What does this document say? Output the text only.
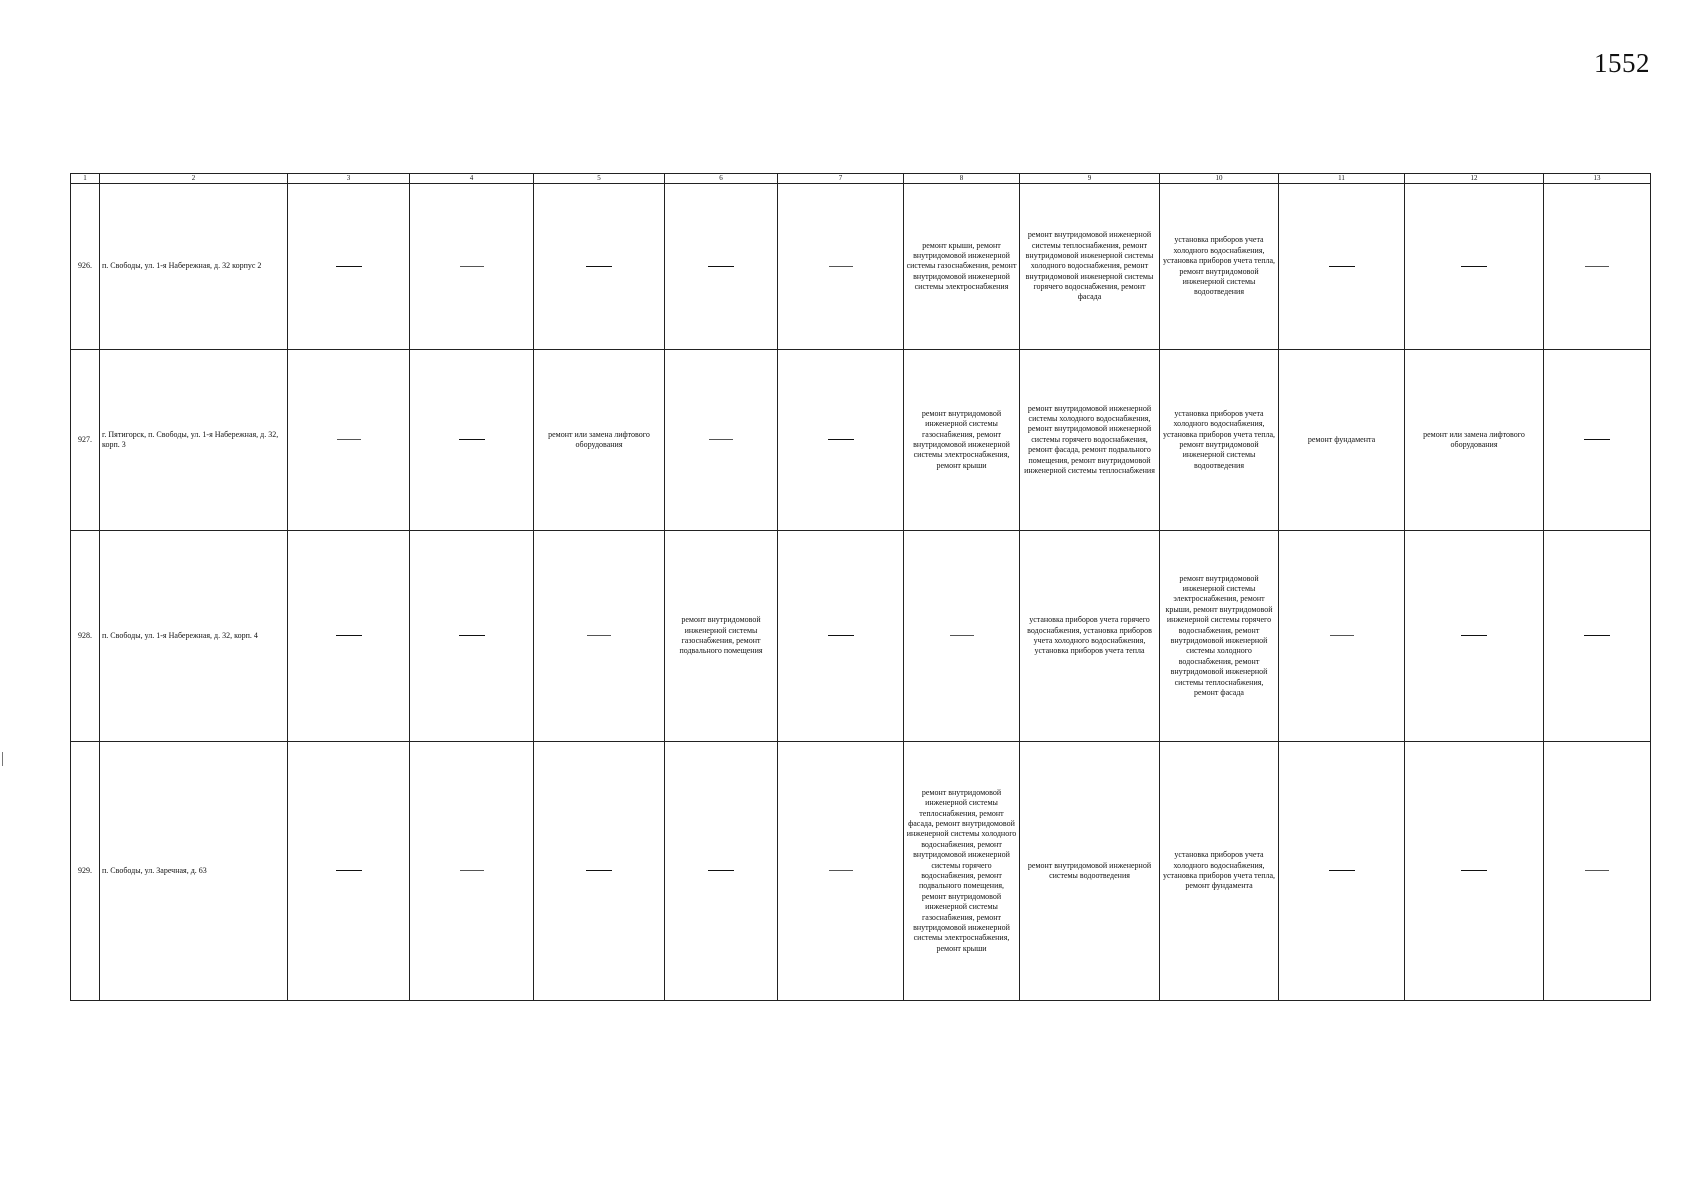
1552
1	2	3	4	5	6	7	8	9	10	11	12	13
926.	п. Свободы, ул. 1-я Набережная, д. 32 корпус 2						ремонт крыши, ремонт внутридомовой инженерной системы газоснабжения, ремонт внутридомовой инженерной системы электроснабжения	ремонт внутридомовой инженерной системы теплоснабжения, ремонт внутридомовой инженерной системы холодного водоснабжения, ремонт внутридомовой инженерной системы горячего водоснабжения, ремонт фасада	установка приборов учета холодного водоснабжения, установка приборов учета тепла, ремонт внутридомовой инженерной системы водоотведения			
927.	г. Пятигорск, п. Свободы, ул. 1-я Набережная, д. 32, корп. 3			ремонт или замена лифтового оборудования			ремонт внутридомовой инженерной системы газоснабжения, ремонт внутридомовой инженерной системы электроснабжения, ремонт крыши	ремонт внутридомовой инженерной системы холодного водоснабжения, ремонт внутридомовой инженерной системы горячего водоснабжения, ремонт фасада, ремонт подвального помещения, ремонт внутридомовой инженерной системы теплоснабжения	установка приборов учета холодного водоснабжения, установка приборов учета тепла, ремонт внутридомовой инженерной системы водоотведения	ремонт фундамента	ремонт или замена лифтового оборудования	
928.	п. Свободы, ул. 1-я Набережная, д. 32, корп. 4				ремонт внутридомовой инженерной системы газоснабжения, ремонт подвального помещения			установка приборов учета горячего водоснабжения, установка приборов учета холодного водоснабжения, установка приборов учета тепла	ремонт внутридомовой инженерной системы электроснабжения, ремонт крыши, ремонт внутридомовой инженерной системы горячего водоснабжения, ремонт внутридомовой инженерной системы холодного водоснабжения, ремонт внутридомовой инженерной системы теплоснабжения, ремонт фасада			
929.	п. Свободы, ул. Заречная, д. 63						ремонт внутридомовой инженерной системы теплоснабжения, ремонт фасада, ремонт внутридомовой инженерной системы холодного водоснабжения, ремонт внутридомовой инженерной системы горячего водоснабжения, ремонт подвального помещения, ремонт внутридомовой инженерной системы газоснабжения, ремонт внутридомовой инженерной системы электроснабжения, ремонт крыши	ремонт внутридомовой инженерной системы водоотведения	установка приборов учета холодного водоснабжения, установка приборов учета тепла, ремонт фундамента			
